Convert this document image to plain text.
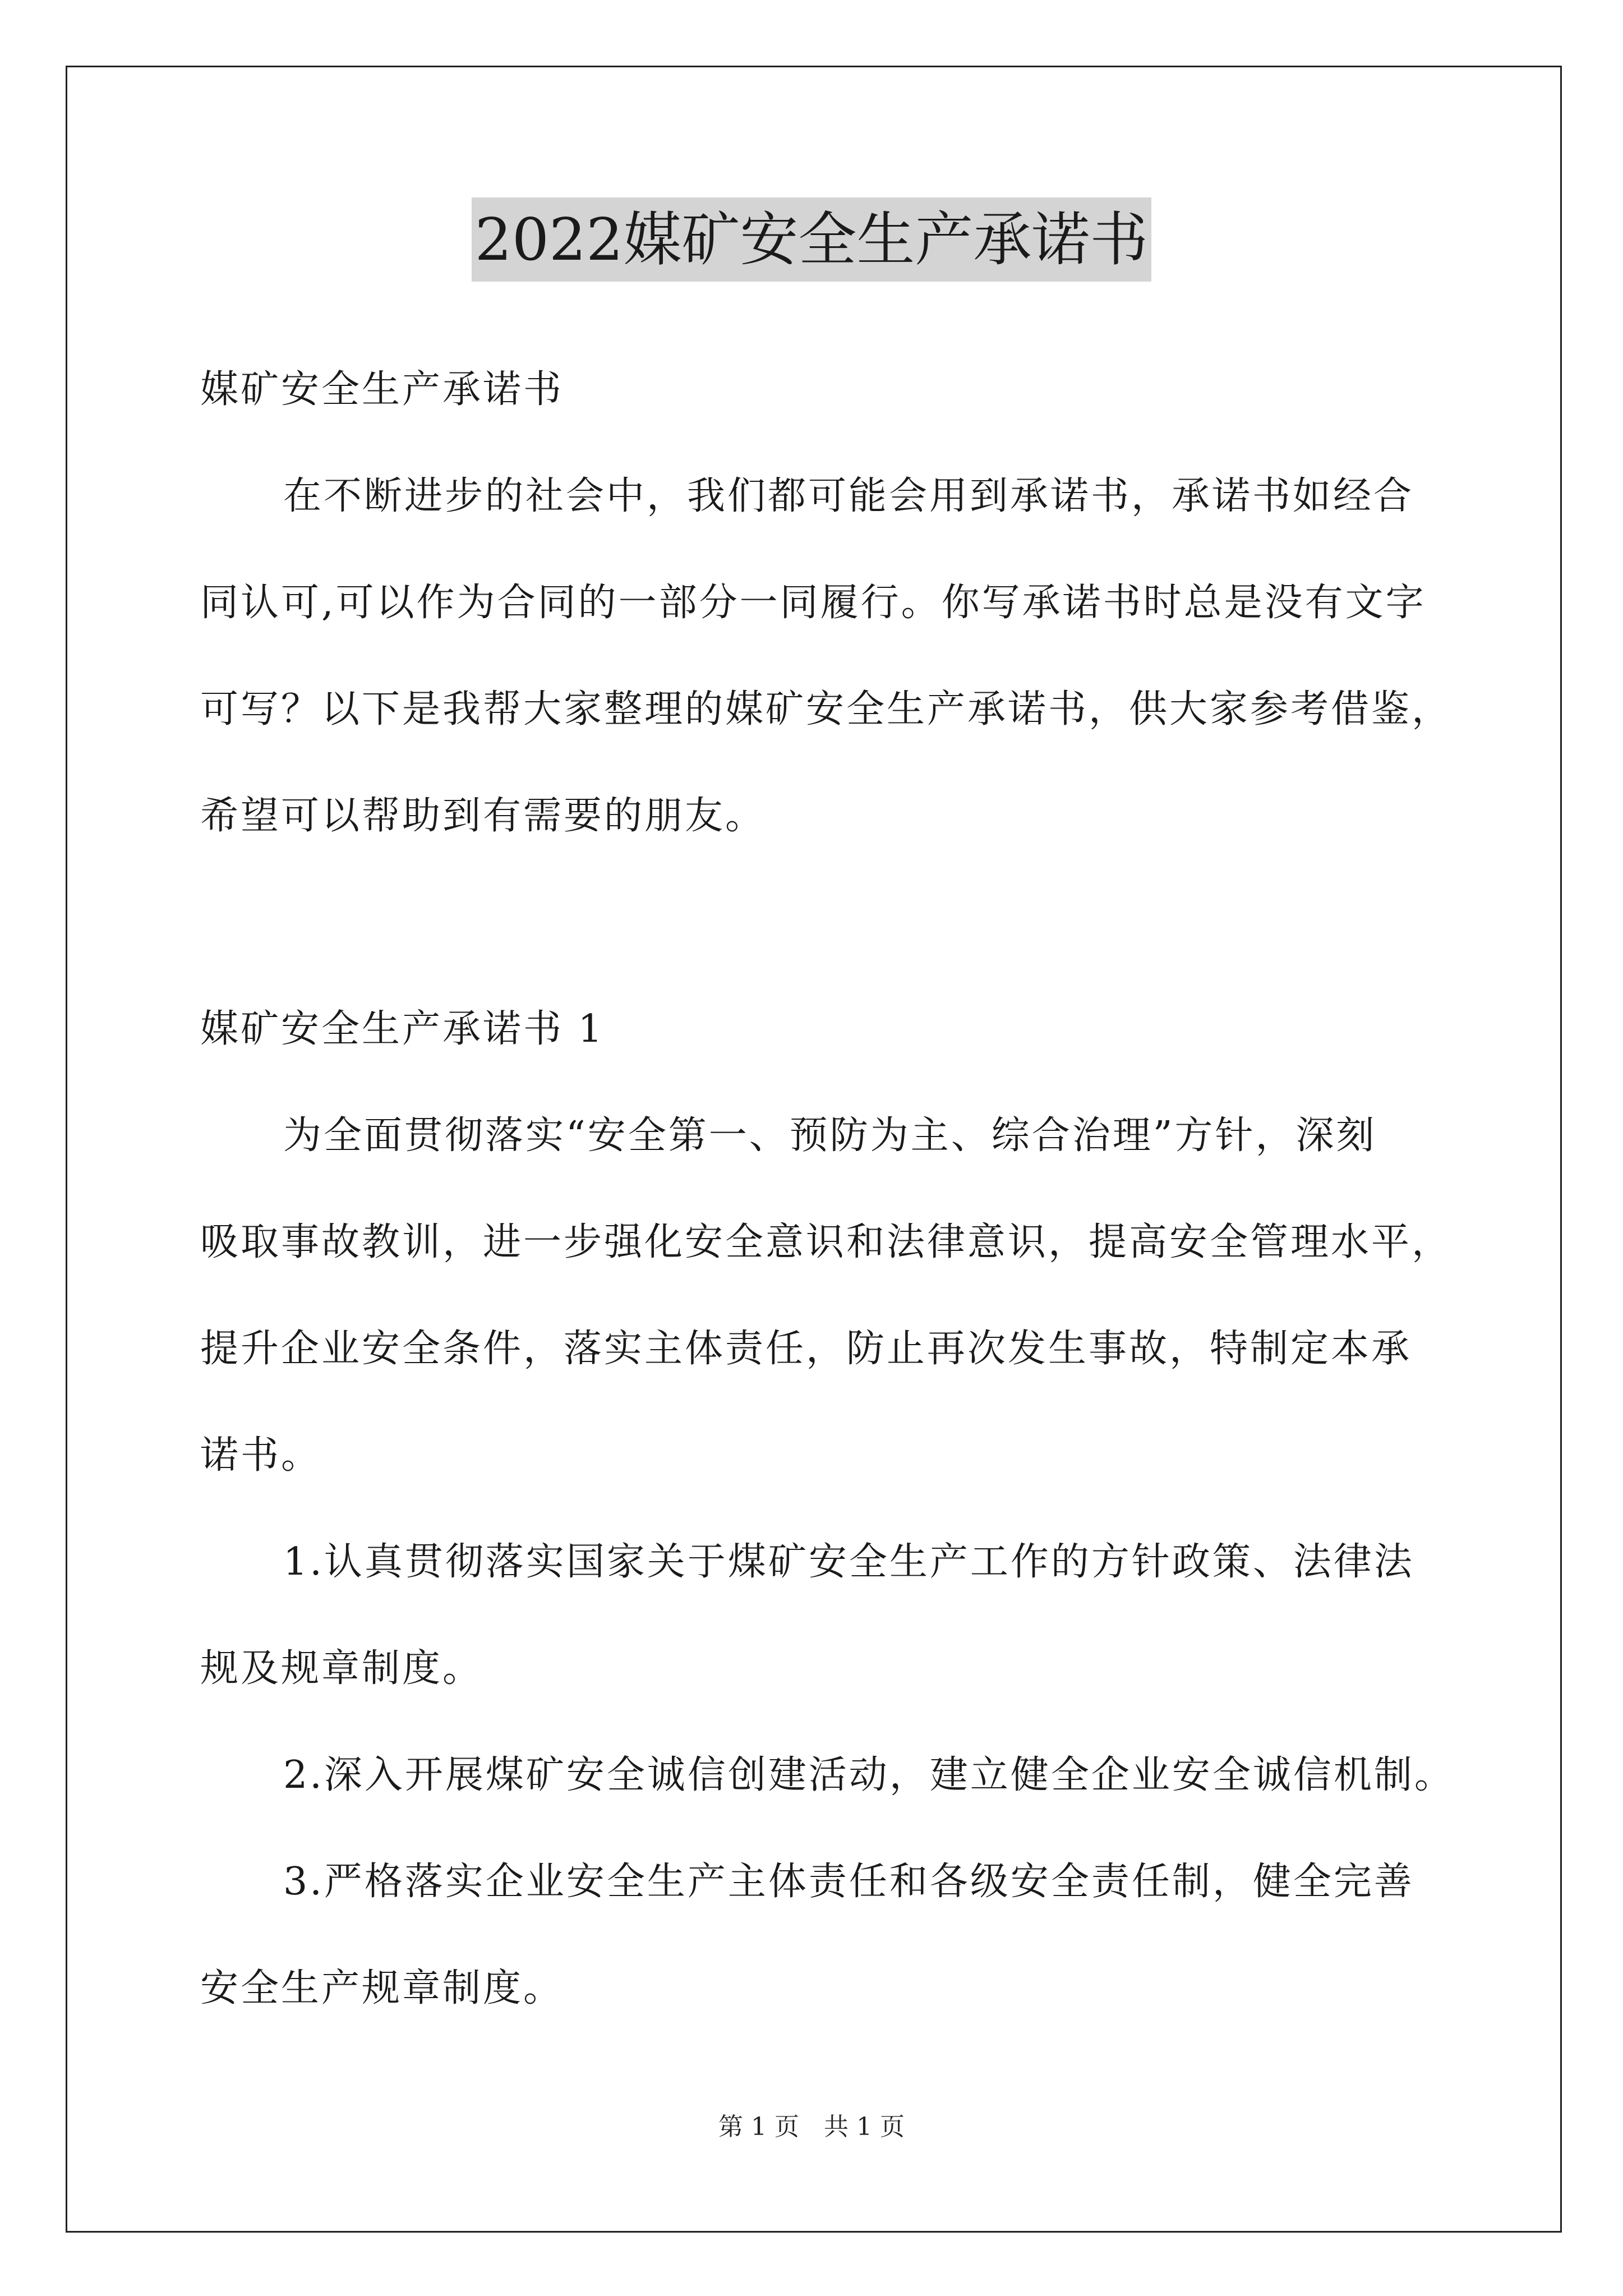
2022媒矿安全生产承诺书
媒矿安全生产承诺书
在不断进步的社会中，我们都可能会用到承诺书，承诺书如经合
同认可,可以作为合同的一部分一同履行。你写承诺书时总是没有文字
可写？以下是我帮大家整理的媒矿安全生产承诺书，供大家参考借鉴，
希望可以帮助到有需要的朋友。
媒矿安全生产承诺书 1
为全面贯彻落实“安全第一、预防为主、综合治理”方针，深刻
吸取事故教训，进一步强化安全意识和法律意识，提高安全管理水平，
提升企业安全条件，落实主体责任，防止再次发生事故，特制定本承
诺书。
1.认真贯彻落实国家关于煤矿安全生产工作的方针政策、法律法
规及规章制度。
2.深入开展煤矿安全诚信创建活动，建立健全企业安全诚信机制。
3.严格落实企业安全生产主体责任和各级安全责任制，健全完善
安全生产规章制度。
第 1 页　共 1 页
